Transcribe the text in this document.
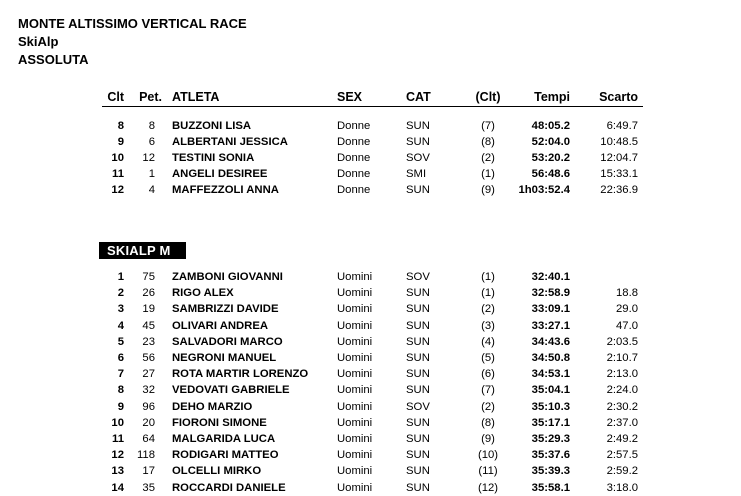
MONTE ALTISSIMO VERTICAL RACE
SkiAlp
ASSOLUTA
Clt	Pet. ATLETA	SEX	CAT	(Clt)	Tempi	Scarto
8	8 BUZZONI LISA	Donne	SUN	(7)	48:05.2	6:49.7
9	6 ALBERTANI JESSICA	Donne	SUN	(8)	52:04.0	10:48.5
10	12 TESTINI SONIA	Donne	SOV	(2)	53:20.2	12:04.7
11	1 ANGELI DESIREE	Donne	SMI	(1)	56:48.6	15:33.1
12	4 MAFFEZZOLI ANNA	Donne	SUN	(9)	1h03:52.4	22:36.9
SKIALP M
1	75 ZAMBONI GIOVANNI	Uomini	SOV	(1)	32:40.1
2	26 RIGO ALEX	Uomini	SUN	(1)	32:58.9	18.8
3	19 SAMBRIZZI DAVIDE	Uomini	SUN	(2)	33:09.1	29.0
4	45 OLIVARI ANDREA	Uomini	SUN	(3)	33:27.1	47.0
5	23 SALVADORI MARCO	Uomini	SUN	(4)	34:43.6	2:03.5
6	56 NEGRONI MANUEL	Uomini	SUN	(5)	34:50.8	2:10.7
7	27 ROTA MARTIR LORENZO	Uomini	SUN	(6)	34:53.1	2:13.0
8	32 VEDOVATI GABRIELE	Uomini	SUN	(7)	35:04.1	2:24.0
9	96 DEHO MARZIO	Uomini	SOV	(2)	35:10.3	2:30.2
10	20 FIORONI SIMONE	Uomini	SUN	(8)	35:17.1	2:37.0
11	64 MALGARIDA LUCA	Uomini	SUN	(9)	35:29.3	2:49.2
12	118 RODIGARI MATTEO	Uomini	SUN	(10)	35:37.6	2:57.5
13	17 OLCELLI MIRKO	Uomini	SUN	(11)	35:39.3	2:59.2
14	35 ROCCARDI DANIELE	Uomini	SUN	(12)	35:58.1	3:18.0
